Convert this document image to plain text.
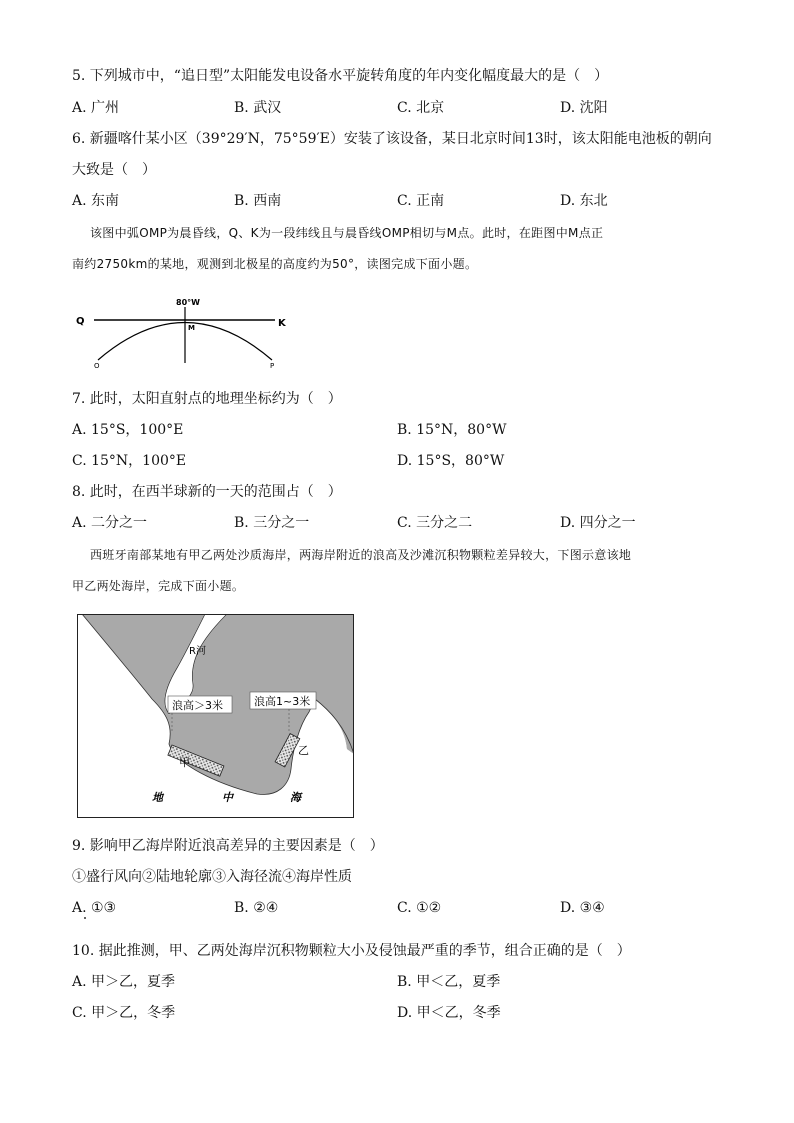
5. 下列城市中，“追日型”太阳能发电设备水平旋转角度的年内变化幅度最大的是（　）
A. 广州	B. 武汉	C. 北京	D. 沈阳
6. 新疆喀什某小区（39°29′N，75°59′E）安装了该设备，某日北京时间13时，该太阳能电池板的朝向
大致是（　）
A. 东南	B. 西南	C. 正南	D. 东北
该图中弧OMP为晨昏线，Q、K为一段纬线且与晨昏线OMP相切与M点。此时，在距图中M点正
南约2750km的某地，观测到北极星的高度约为50°，读图完成下面小题。
80°W
Q	K
M
O	P
7. 此时，太阳直射点的地理坐标约为（　）
A. 15°S，100°E	B. 15°N，80°W
C. 15°N，100°E	D. 15°S，80°W
8. 此时，在西半球新的一天的范围占（　）
A. 二分之一	B. 三分之一	C. 三分之二	D. 四分之一
西班牙南部某地有甲乙两处沙质海岸，两海岸附近的浪高及沙滩沉积物颗粒差异较大，下图示意该地
甲乙两处海岸，完成下面小题。
浪高＞3米	浪高1~3米
R河
甲
乙
地	中	海
9. 影响甲乙海岸附近浪高差异的主要因素是（　）
①盛行风向②陆地轮廓③入海径流④海岸性质
A. ①③	B. ②④	C. ①②	D. ③④
10. 据此推测，甲、乙两处海岸沉积物颗粒大小及侵蚀最严重的季节，组合正确的是（　）
A. 甲＞乙，夏季	B. 甲＜乙，夏季
C. 甲＞乙，冬季	D. 甲＜乙，冬季
